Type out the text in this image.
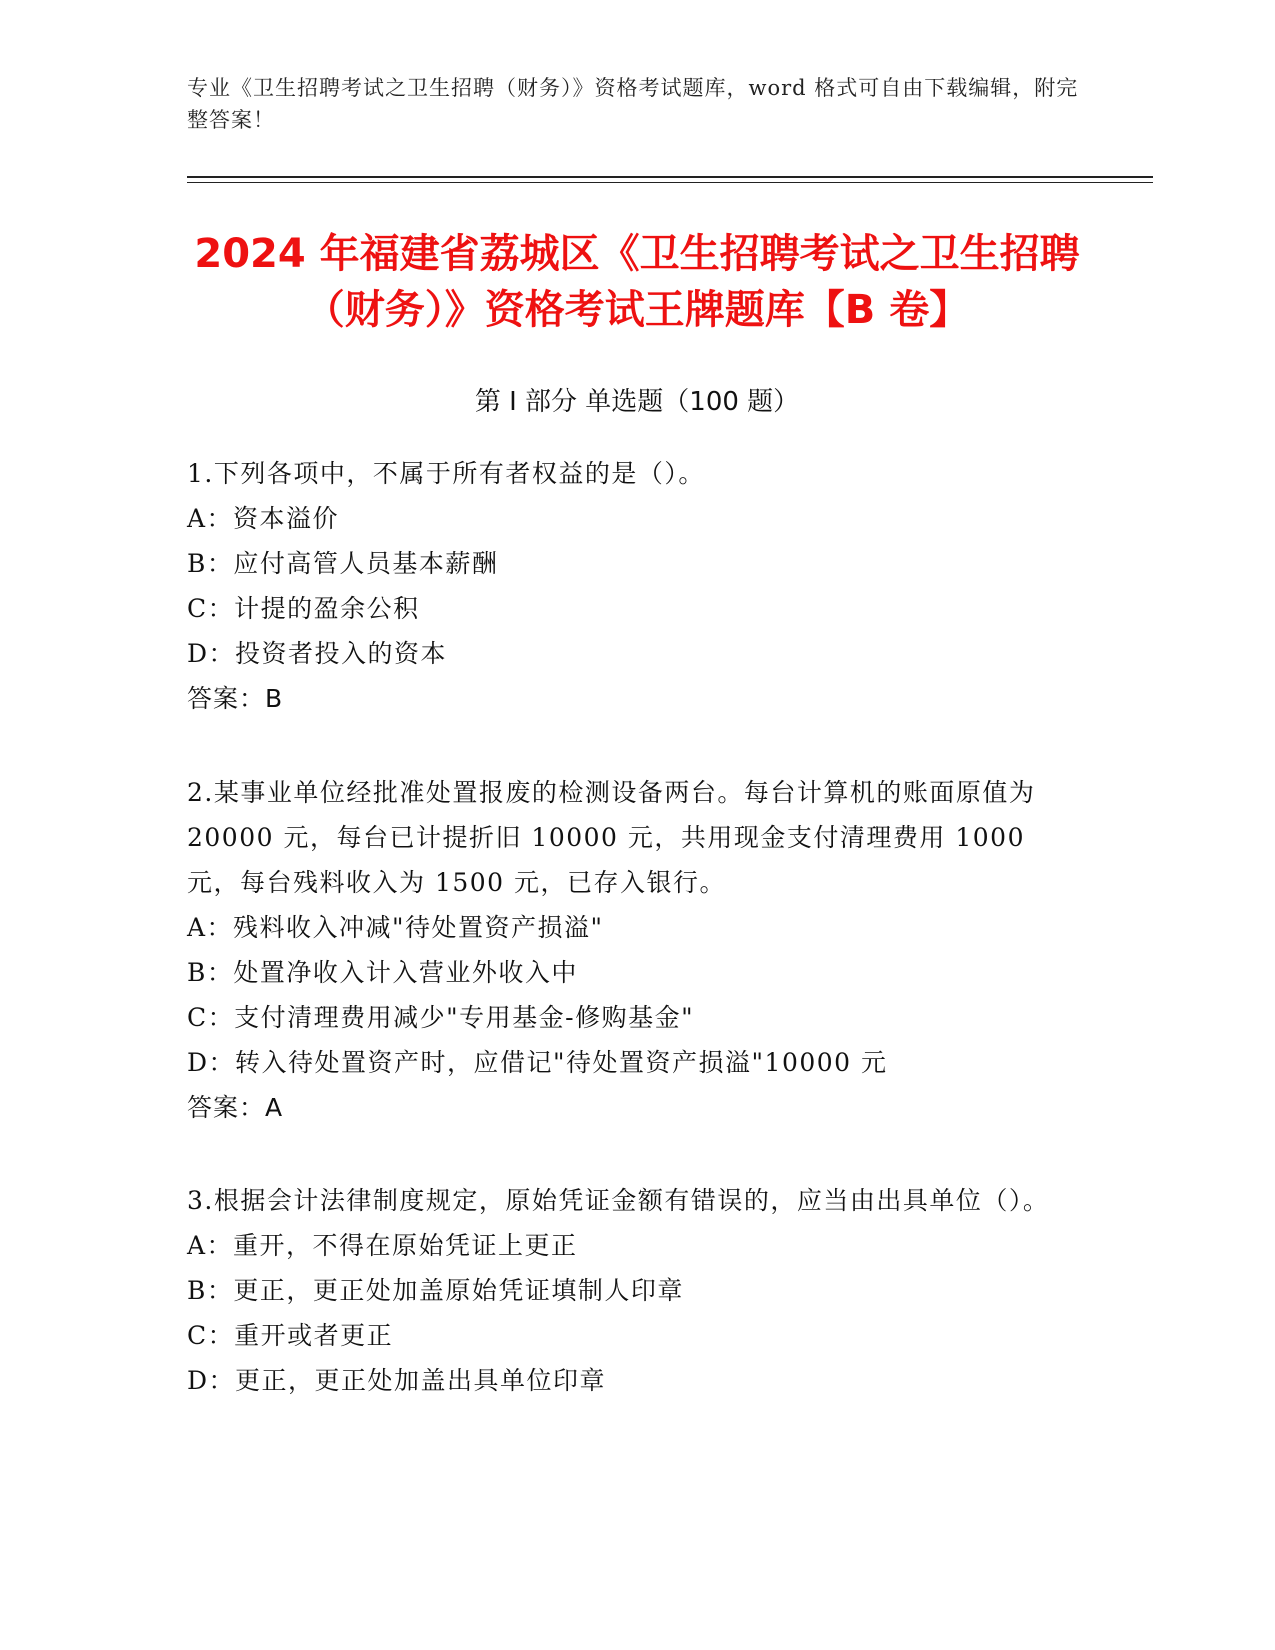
专业《卫生招聘考试之卫生招聘（财务）》资格考试题库，word 格式可自由下载编辑，附完整答案！
2024 年福建省荔城区《卫生招聘考试之卫生招聘（财务）》资格考试王牌题库【B 卷】
第 I 部分 单选题（100 题）
1.下列各项中，不属于所有者权益的是（）。
A：资本溢价
B：应付高管人员基本薪酬
C：计提的盈余公积
D：投资者投入的资本
答案：B
2.某事业单位经批准处置报废的检测设备两台。每台计算机的账面原值为 20000 元，每台已计提折旧 10000 元，共用现金支付清理费用 1000 元，每台残料收入为 1500 元，已存入银行。
A：残料收入冲减"待处置资产损溢"
B：处置净收入计入营业外收入中
C：支付清理费用减少"专用基金-修购基金"
D：转入待处置资产时，应借记"待处置资产损溢"10000 元
答案：A
3.根据会计法律制度规定，原始凭证金额有错误的，应当由出具单位（）。
A：重开，不得在原始凭证上更正
B：更正，更正处加盖原始凭证填制人印章
C：重开或者更正
D：更正，更正处加盖出具单位印章
